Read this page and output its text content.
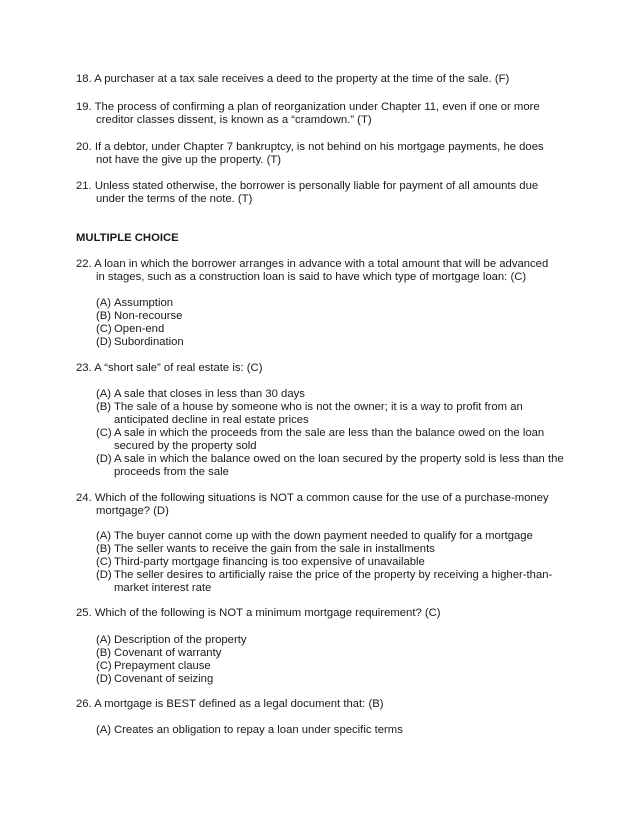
18. A purchaser at a tax sale receives a deed to the property at the time of the sale. (F)
19. The process of confirming a plan of reorganization under Chapter 11, even if one or more
creditor classes dissent, is known as a “cramdown.” (T)
20. If a debtor, under Chapter 7 bankruptcy, is not behind on his mortgage payments, he does
not have the give up the property. (T)
21. Unless stated otherwise, the borrower is personally liable for payment of all amounts due
under the terms of the note. (T)
MULTIPLE CHOICE
22. A loan in which the borrower arranges in advance with a total amount that will be advanced
in stages, such as a construction loan is said to have which type of mortgage loan: (C)
(A) Assumption
(B) Non-recourse
(C) Open-end
(D) Subordination
23. A “short sale” of real estate is: (C)
(A) A sale that closes in less than 30 days
(B) The sale of a house by someone who is not the owner; it is a way to profit from an anticipated decline in real estate prices
(C) A sale in which the proceeds from the sale are less than the balance owed on the loan secured by the property sold
(D) A sale in which the balance owed on the loan secured by the property sold is less than the proceeds from the sale
24. Which of the following situations is NOT a common cause for the use of a purchase-money
mortgage? (D)
(A) The buyer cannot come up with the down payment needed to qualify for a mortgage
(B) The seller wants to receive the gain from the sale in installments
(C) Third-party mortgage financing is too expensive of unavailable
(D) The seller desires to artificially raise the price of the property by receiving a higher-than-market interest rate
25. Which of the following is NOT a minimum mortgage requirement? (C)
(A) Description of the property
(B) Covenant of warranty
(C) Prepayment clause
(D) Covenant of seizing
26. A mortgage is BEST defined as a legal document that: (B)
(A) Creates an obligation to repay a loan under specific terms
